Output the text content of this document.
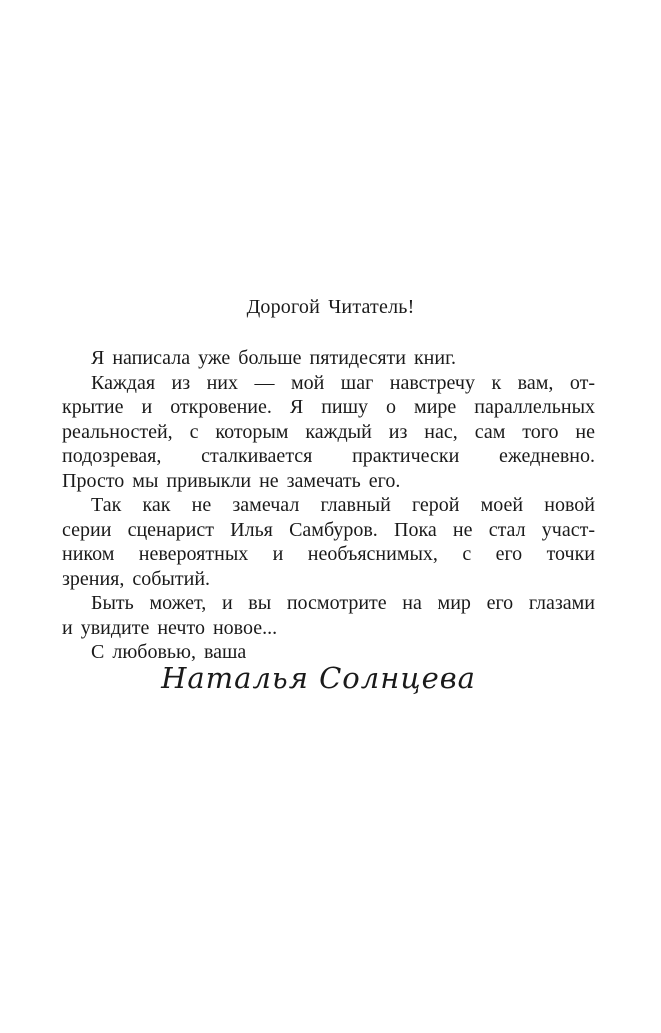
Дорогой Читатель!
Я написала уже больше пятидесяти книг.
Каждая из них — мой шаг навстречу к вам, от-
крытие и откровение. Я пишу о мире параллельных
реальностей, с которым каждый из нас, сам того не
подозревая, сталкивается практически ежедневно.
Просто мы привыкли не замечать его.
Так как не замечал главный герой моей новой
серии сценарист Илья Самбуров. Пока не стал участ-
ником невероятных и необъяснимых, с его точки
зрения, событий.
Быть может, и вы посмотрите на мир его глазами
и увидите нечто новое...
С любовью, ваша
Наталья Солнцева
